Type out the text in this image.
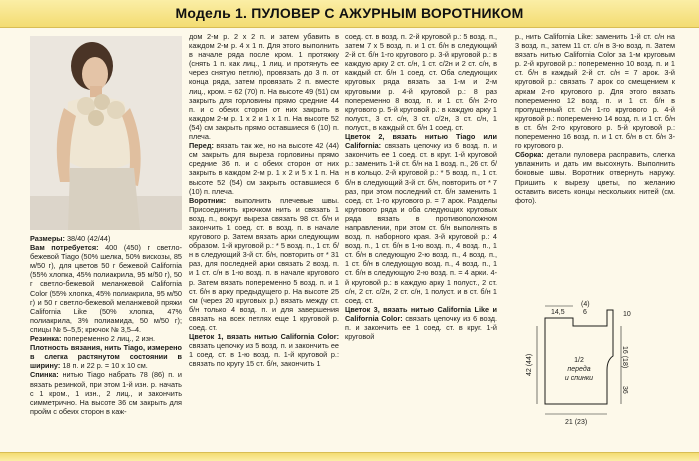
Модель 1. ПУЛОВЕР С АЖУРНЫМ ВОРОТНИКОМ

Размеры: 38/40 (42/44)

Вам потребуется: 400 (450) г светло-бежевой Tiago (50% шелка, 50% вискозы, 85 м/50 г), для цветов 50 г бежевой California (55% хлопка, 45% полиакрила, 95 м/50 г), 50 г светло-бежевой меланжевой California Color (55% хлопка, 45% полиакрила, 95 м/50 г) и 50 г светло-бежевой меланжевой пряжи California Like (50% хлопка, 47% полиакрила, 3% полиамида, 50 м/50 г); спицы № 5–5,5; крючок № 3,5–4.

Резинка: попеременно 2 лиц., 2 изн.

Плотность вязания, нить Tiago, измерено в слегка растянутом состоянии в ширину: 18 п. и 22 р. = 10 х 10 см.

Спинка: нитью Tiago набрать 78 (86) п. и вязать резинкой, при этом 1-й изн. р. начать с 1 кром., 1 изн., 2 лиц., и закончить симметрично. На высоте 36 см закрыть для пройм с обеих сторон в каж-

дом 2-м р. 2 х 2 п. и затем убавить в каждом 2-м р. 4 х 1 п. Для этого выполнить в начале ряда после кром. 1 протяжку (снять 1 п. как лиц., 1 лиц. и протянуть ее через снятую петлю), провязать до 3 п. от конца ряда, затем провязать 2 п. вместе лиц., кром. = 62 (70) п. На высоте 49 (51) см закрыть для горловины прямо средние 44 п. и с обеих сторон от них закрыть в каждом 2-м р. 1 х 2 и 1 х 1 п. На высоте 52 (54) см закрыть прямо оставшиеся 6 (10) п. плеча.

Перед: вязать так же, но на высоте 42 (44) см закрыть для выреза горловины прямо средние 36 п. и с обеих сторон от них закрыть в каждом 2-м р. 1 х 2 и 5 х 1 п. На высоте 52 (54) см закрыть оставшиеся 6 (10) п. плеча.

Воротник: выполнить плечевые швы. Присоединить крючком нить и связать 1 возд. п., вокруг выреза связать 98 ст. б/н и закончить 1 соед. ст. в возд. п. в начале кругового р. Затем вязать арки следующим образом. 1-й круговой р.: * 5 возд. п., 1 ст. б/н в следующий 3-й ст. б/н, повторить от * 31 раз, для последней арки связать 2 возд. п. и 1 ст. с/н в 1-ю возд. п. в начале кругового р. Затем вязать попеременно 5 возд. п. и 1 ст. б/н в арку предыдущего р. На высоте 25 см (через 20 круговых р.) вязать между ст. б/н только 4 возд. п. и для завершения связать на всех петлях еще 1 круговой р. соед. ст.

Цветок 1, вязать нитью California Color: связать цепочку из 5 возд. п. и закончить ее 1 соед. ст. в 1-ю возд. п. 1-й круговой р.: связать по кругу 15 ст. б/н, закончить 1

соед. ст. в возд. п. 2-й круговой р.: 5 возд. п., затем 7 х 5 возд. п. и 1 ст. б/н в следующий 2-й ст. б/н 1-го кругового р. 3-й круговой р.: в каждую арку 2 ст. с/н, 1 ст. с/2н и 2 ст. с/н, в каждый ст. б/н 1 соед. ст. Оба следующих круговых ряда вязать за 1-м и 2-м круговыми р. 4-й круговой р.: 8 раз попеременно 8 возд. п. и 1 ст. б/н 2-го кругового р. 5-й круговой р.: в каждую арку 1 полуст., 3 ст. с/н, 3 ст. с/2н, 3 ст. с/н, 1 полуст., в каждый ст. б/н 1 соед. ст.

Цветок 2, вязать нитью Tiago или California: связать цепочку из 6 возд. п. и закончить ее 1 соед. ст. в круг. 1-й круговой р.: заменить 1-й ст. б/н на 1 возд. п., 26 ст. б/н в кольцо. 2-й круговой р.: * 5 возд. п., 1 ст. б/н в следующий 3-й ст. б/н, повторить от * 7 раз, при этом последний ст. б/н заменить 1 соед. ст. 1-го кругового р. = 7 арок. Разделы кругового ряда и оба следующих круговых ряда вязать в противоположном направлении, при этом ст. б/н выполнять в возд. п. наборного края. 3-й круговой р.: 4 возд. п., 1 ст. б/н в 1-ю возд. п., 4 возд. п., 1 ст. б/н в следующую 2-ю возд. п., 4 возд. п., 1 ст. б/н в следующую возд. п., 4 возд. п., 1 ст. б/н в следующую 2-ю возд. п. = 4 арки. 4-й круговой р.: в каждую арку 1 полуст., 2 ст. с/н, 2 ст. с/2н, 2 ст. с/н, 1 полуст. и в ст. б/н 1 соед. ст.

Цветок 3, вязать нитью California Like и California Color: связать цепочку из 6 возд. п. и закончить ее 1 соед. ст. в круг. 1-й круговой

р., нить California Like: заменить 1-й ст. с/н на 3 возд. п., затем 11 ст. с/н в 3-ю возд. п. Затем вязать нитью California Color за 1-м круговым р. 2-й круговой р.: попеременно 10 возд. п. и 1 ст. б/н в каждый 2-й ст. с/н = 7 арок. 3-й круговой р.: связать 7 арок со смещением к аркам 2-го кругового р. Для этого вязать попеременно 12 возд. п. и 1 ст. б/н в пропущенный ст. с/н 1-го кругового р. 4-й круговой р.: попеременно 14 возд. п. и 1 ст. б/н в ст. б/н 2-го кругового р. 5-й круговой р.: попеременно 16 возд. п. и 1 ст. б/н в ст. б/н 3-го кругового р.

Сборка: детали пуловера расправить, слегка увлажнить и дать им высохнуть. Выполнить боковые швы. Воротник отвернуть наружу. Пришить к вырезу цветы, по желанию оставить висеть концы нескольких нитей (см. фото).

14,5
(4)
6	10
16 (18)
36
42 (44)
21 (23)
1/2
переда
и спинки
